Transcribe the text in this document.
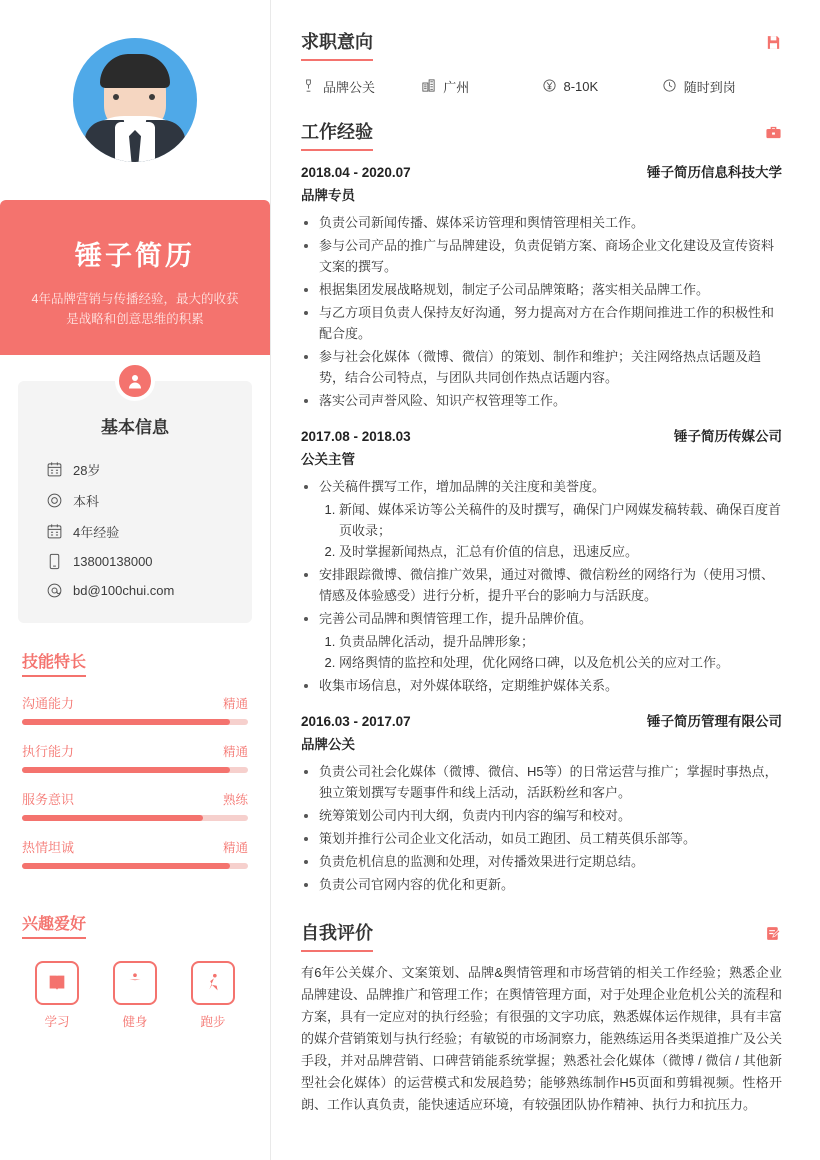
锤子简历
4年品牌营销与传播经验，最大的收获是战略和创意思维的积累
基本信息
28岁
本科
4年经验
13800138000
bd@100chui.com
技能特长
沟通能力	精通
执行能力	精通
服务意识	熟练
热情坦诚	精通
兴趣爱好
学习	健身	跑步
求职意向
品牌公关	广州	8-10K	随时到岗
工作经验
2018.04 - 2020.07	锤子简历信息科技大学
品牌专员
• 负责公司新闻传播、媒体采访管理和舆情管理相关工作。
• 参与公司产品的推广与品牌建设，负责促销方案、商场企业文化建设及宣传资料文案的撰写。
• 根据集团发展战略规划，制定子公司品牌策略；落实相关品牌工作。
• 与乙方项目负责人保持友好沟通，努力提高对方在合作期间推进工作的积极性和配合度。
• 参与社会化媒体（微博、微信）的策划、制作和维护；关注网络热点话题及趋势，结合公司特点，与团队共同创作热点话题内容。
• 落实公司声誉风险、知识产权管理等工作。
2017.08 - 2018.03	锤子简历传媒公司
公关主管
• 公关稿件撰写工作，增加品牌的关注度和美誉度。
1. 新闻、媒体采访等公关稿件的及时撰写，确保门户网媒发稿转载、确保百度首页收录；
2. 及时掌握新闻热点，汇总有价值的信息，迅速反应。
• 安排跟踪微博、微信推广效果，通过对微博、微信粉丝的网络行为（使用习惯、情感及体验感受）进行分析，提升平台的影响力与活跃度。
• 完善公司品牌和舆情管理工作，提升品牌价值。
1. 负责品牌化活动，提升品牌形象；
2. 网络舆情的监控和处理，优化网络口碑，以及危机公关的应对工作。
• 收集市场信息，对外媒体联络，定期维护媒体关系。
2016.03 - 2017.07	锤子简历管理有限公司
品牌公关
• 负责公司社会化媒体（微博、微信、H5等）的日常运营与推广；掌握时事热点，独立策划撰写专题事件和线上活动，活跃粉丝和客户。
• 统筹策划公司内刊大纲，负责内刊内容的编写和校对。
• 策划并推行公司企业文化活动，如员工跑团、员工精英俱乐部等。
• 负责危机信息的监测和处理，对传播效果进行定期总结。
• 负责公司官网内容的优化和更新。
自我评价
有6年公关媒介、文案策划、品牌&舆情管理和市场营销的相关工作经验；熟悉企业品牌建设、品牌推广和管理工作；在舆情管理方面，对于处理企业危机公关的流程和方案，具有一定应对的执行经验；有很强的文字功底，熟悉媒体运作规律，具有丰富的媒介营销策划与执行经验；有敏锐的市场洞察力，能熟练运用各类渠道推广及公关手段，并对品牌营销、口碑营销能系统掌握；熟悉社会化媒体（微博 / 微信 / 其他新型社会化媒体）的运营模式和发展趋势；能够熟练制作H5页面和剪辑视频。性格开朗、工作认真负责，能快速适应环境，有较强团队协作精神、执行力和抗压力。
